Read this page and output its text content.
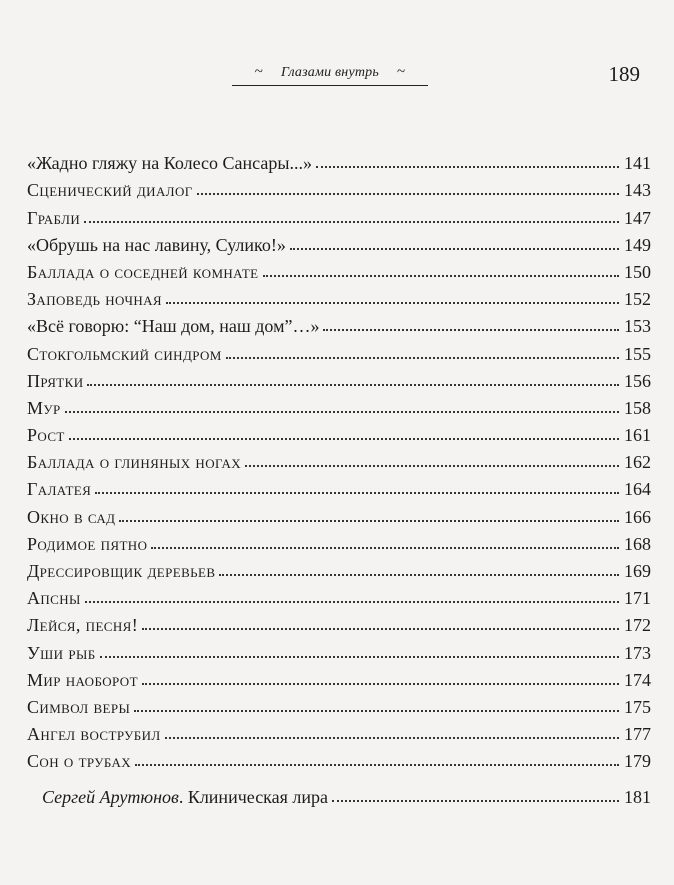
~ Глазами внутрь ~	189
«Жадно гляжу на Колесо Сансары...»	141
Сценический диалог	143
Грабли	147
«Обрушь на нас лавину, Сулико!»	149
Баллада о соседней комнате	150
Заповедь ночная	152
«Всё говорю: “Наш дом, наш дом”…»	153
Стокгольмский синдром	155
Прятки	156
Мур	158
Рост	161
Баллада о глиняных ногах	162
Галатея	164
Окно в сад	166
Родимое пятно	168
Дрессировщик деревьев	169
Апсны	171
Лейся, песня!	172
Уши рыб	173
Мир наоборот	174
Символ веры	175
Ангел вострубил	177
Сон о трубах	179
Сергей Арутюнов. Клиническая лира	181
